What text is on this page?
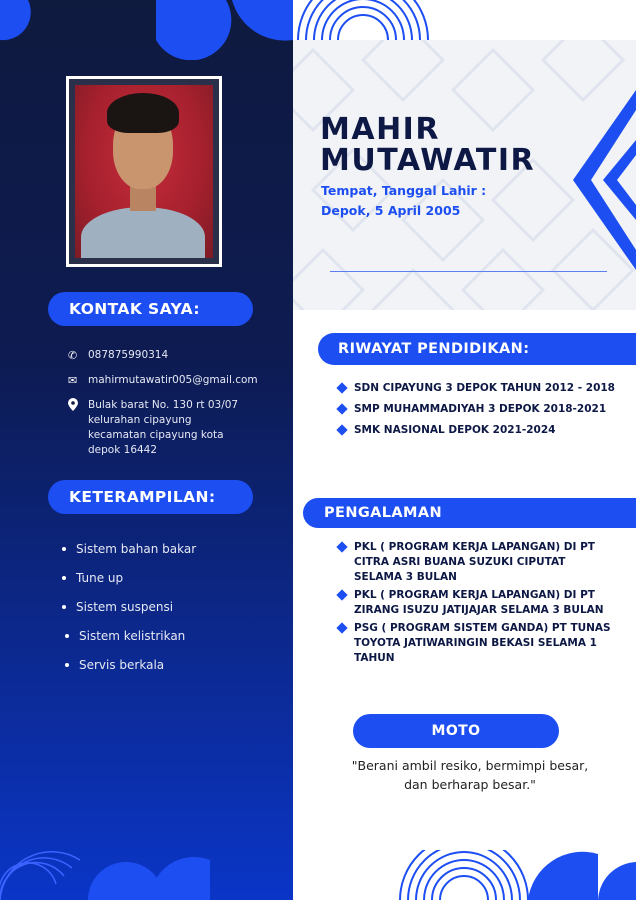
KONTAK SAYA:
✆	087875990314
✉	mahirmutawatir005@gmail.com
Bulak barat No. 130 rt 03/07
kelurahan cipayung
kecamatan cipayung kota
depok 16442
KETERAMPILAN:
Sistem bahan bakar
Tune up
Sistem suspensi
Sistem kelistrikan
Servis berkala
MAHIR
MUTAWATIR
Tempat, Tanggal Lahir :
Depok, 5 April 2005
RIWAYAT PENDIDIKAN:
SDN CIPAYUNG 3 DEPOK TAHUN 2012 - 2018
SMP MUHAMMADIYAH 3 DEPOK 2018-2021
SMK NASIONAL DEPOK 2021-2024
PENGALAMAN
PKL ( PROGRAM KERJA LAPANGAN) DI PT CITRA ASRI BUANA SUZUKI CIPUTAT SELAMA 3 BULAN
PKL ( PROGRAM KERJA LAPANGAN) DI PT ZIRANG ISUZU JATIJAJAR SELAMA 3 BULAN
PSG ( PROGRAM SISTEM GANDA) PT TUNAS TOYOTA JATIWARINGIN BEKASI SELAMA 1 TAHUN
MOTO
"Berani ambil resiko, bermimpi besar,
dan berharap besar."
